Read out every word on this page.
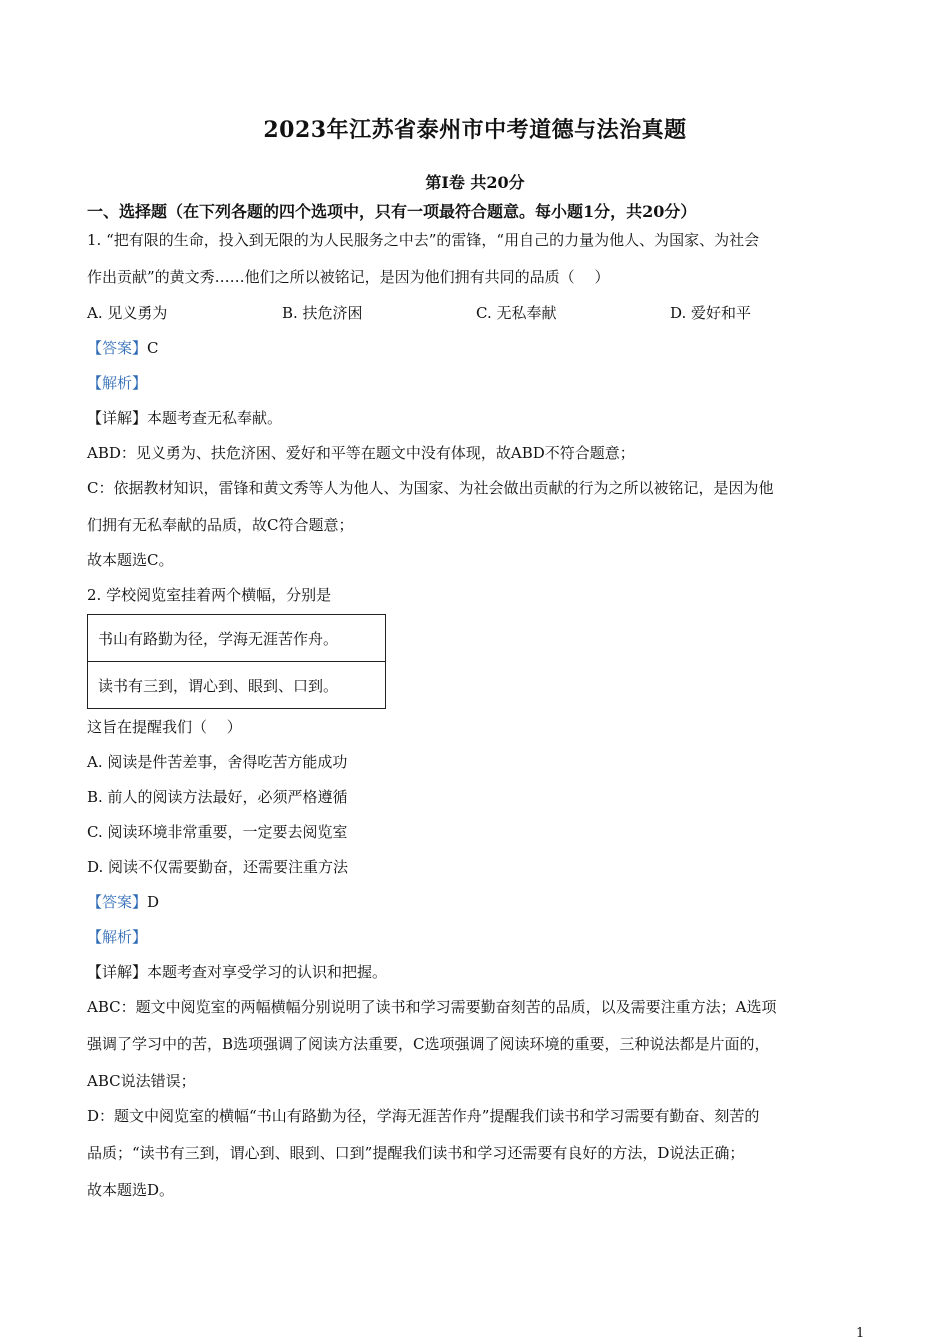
2023年江苏省泰州市中考道德与法治真题
第Ⅰ卷 共20分
一、选择题（在下列各题的四个选项中，只有一项最符合题意。每小题1分，共20分）
1. “把有限的生命，投入到无限的为人民服务之中去”的雷锋，“用自己的力量为他人、为国家、为社会
作出贡献”的黄文秀……他们之所以被铭记，是因为他们拥有共同的品质（　 ）
A. 见义勇为	B. 扶危济困	C. 无私奉献	D. 爱好和平
【答案】C
【解析】
【详解】本题考查无私奉献。
ABD：见义勇为、扶危济困、爱好和平等在题文中没有体现，故ABD不符合题意；
C：依据教材知识，雷锋和黄文秀等人为他人、为国家、为社会做出贡献的行为之所以被铭记，是因为他
们拥有无私奉献的品质，故C符合题意；
故本题选C。
2. 学校阅览室挂着两个横幅，分别是
书山有路勤为径，学海无涯苦作舟。
读书有三到，谓心到、眼到、口到。
这旨在提醒我们（　 ）
A. 阅读是件苦差事，舍得吃苦方能成功
B. 前人的阅读方法最好，必须严格遵循
C. 阅读环境非常重要，一定要去阅览室
D. 阅读不仅需要勤奋，还需要注重方法
【答案】D
【解析】
【详解】本题考查对享受学习的认识和把握。
ABC：题文中阅览室的两幅横幅分别说明了读书和学习需要勤奋刻苦的品质，以及需要注重方法；A选项
强调了学习中的苦，B选项强调了阅读方法重要，C选项强调了阅读环境的重要，三种说法都是片面的，
ABC说法错误；
D：题文中阅览室的横幅“书山有路勤为径，学海无涯苦作舟”提醒我们读书和学习需要有勤奋、刻苦的
品质；“读书有三到，谓心到、眼到、口到”提醒我们读书和学习还需要有良好的方法，D说法正确；
故本题选D。
1
